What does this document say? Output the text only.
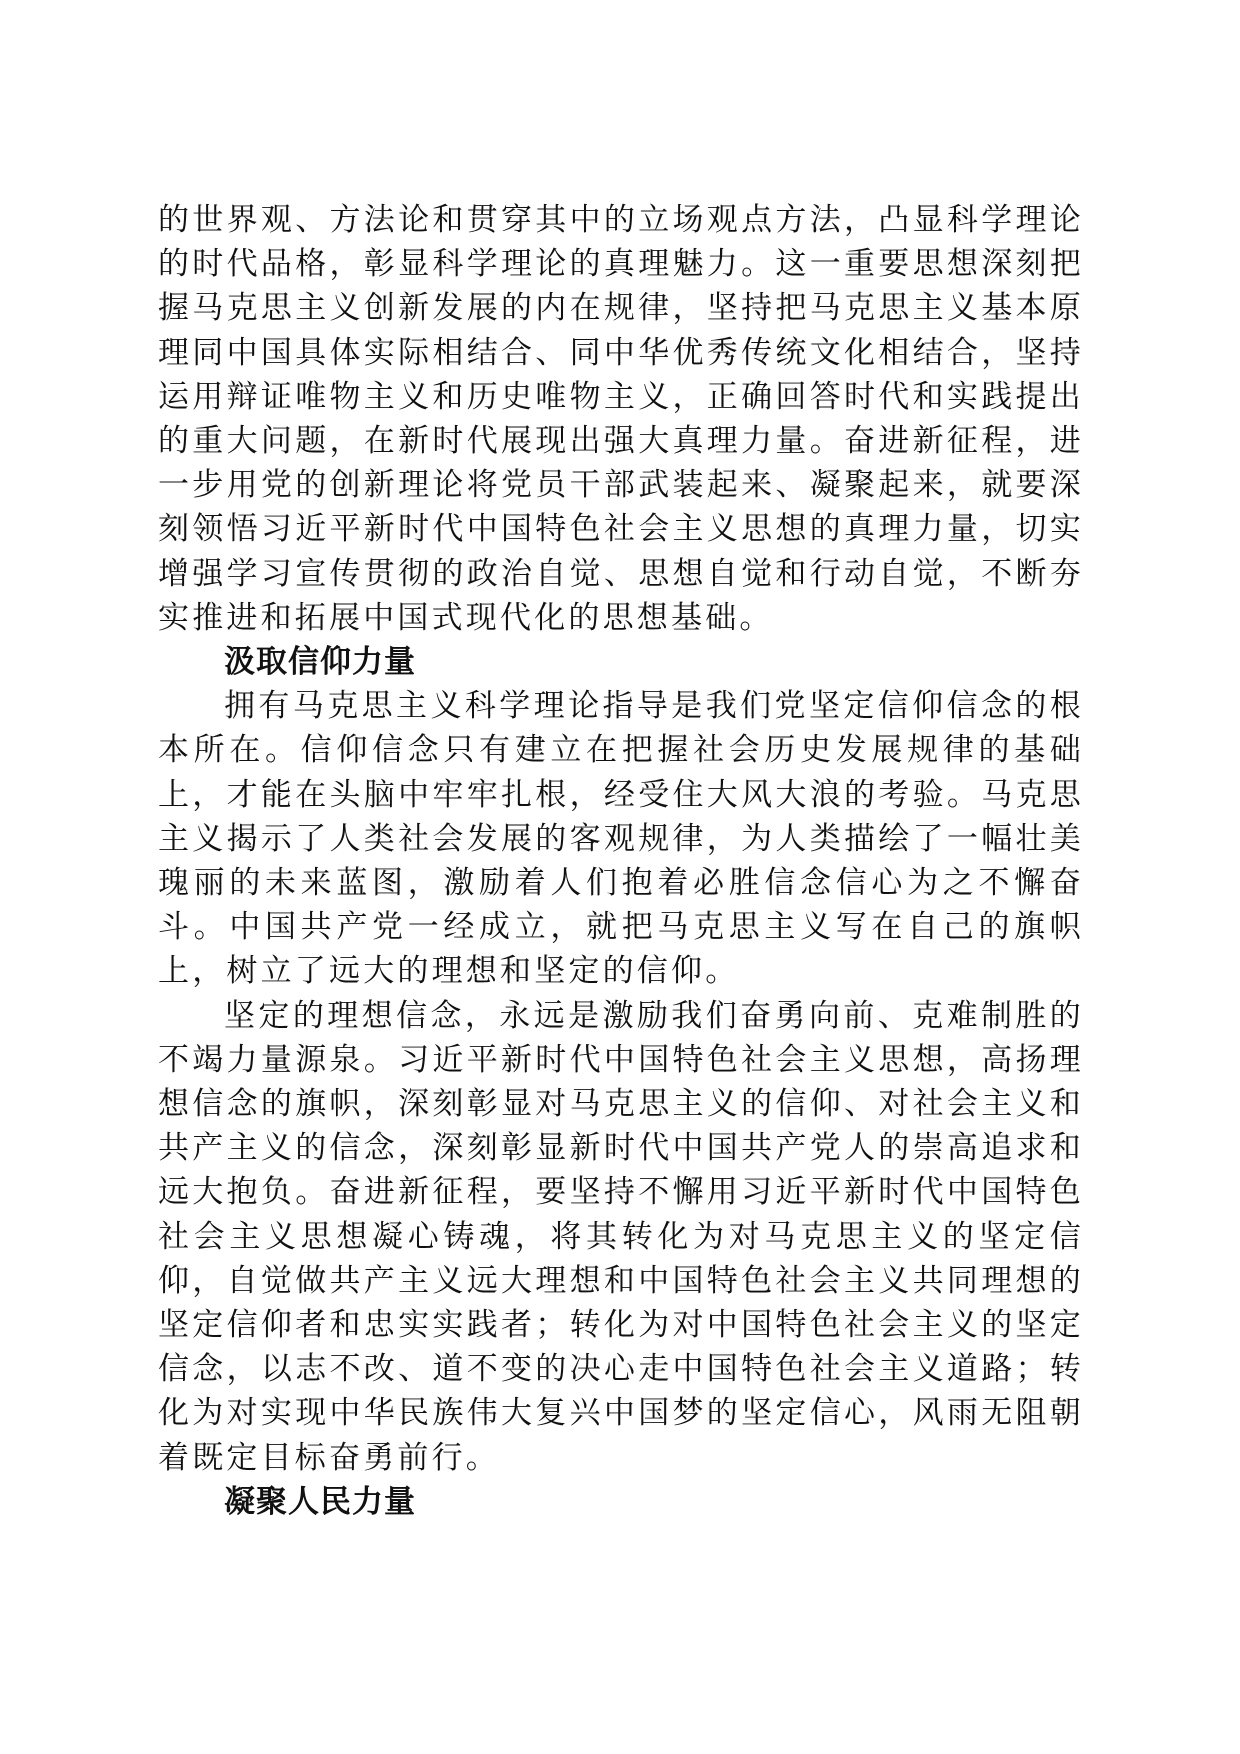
的世界观、方法论和贯穿其中的立场观点方法，凸显科学理论的时代品格，彰显科学理论的真理魅力。这一重要思想深刻把握马克思主义创新发展的内在规律，坚持把马克思主义基本原理同中国具体实际相结合、同中华优秀传统文化相结合，坚持运用辩证唯物主义和历史唯物主义，正确回答时代和实践提出的重大问题，在新时代展现出强大真理力量。奋进新征程，进一步用党的创新理论将党员干部武装起来、凝聚起来，就要深刻领悟习近平新时代中国特色社会主义思想的真理力量，切实增强学习宣传贯彻的政治自觉、思想自觉和行动自觉，不断夯实推进和拓展中国式现代化的思想基础。

汲取信仰力量

拥有马克思主义科学理论指导是我们党坚定信仰信念的根本所在。信仰信念只有建立在把握社会历史发展规律的基础上，才能在头脑中牢牢扎根，经受住大风大浪的考验。马克思主义揭示了人类社会发展的客观规律，为人类描绘了一幅壮美瑰丽的未来蓝图，激励着人们抱着必胜信念信心为之不懈奋斗。中国共产党一经成立，就把马克思主义写在自己的旗帜上，树立了远大的理想和坚定的信仰。

坚定的理想信念，永远是激励我们奋勇向前、克难制胜的不竭力量源泉。习近平新时代中国特色社会主义思想，高扬理想信念的旗帜，深刻彰显对马克思主义的信仰、对社会主义和共产主义的信念，深刻彰显新时代中国共产党人的崇高追求和远大抱负。奋进新征程，要坚持不懈用习近平新时代中国特色社会主义思想凝心铸魂，将其转化为对马克思主义的坚定信仰，自觉做共产主义远大理想和中国特色社会主义共同理想的坚定信仰者和忠实实践者；转化为对中国特色社会主义的坚定信念，以志不改、道不变的决心走中国特色社会主义道路；转化为对实现中华民族伟大复兴中国梦的坚定信心，风雨无阻朝着既定目标奋勇前行。

凝聚人民力量
